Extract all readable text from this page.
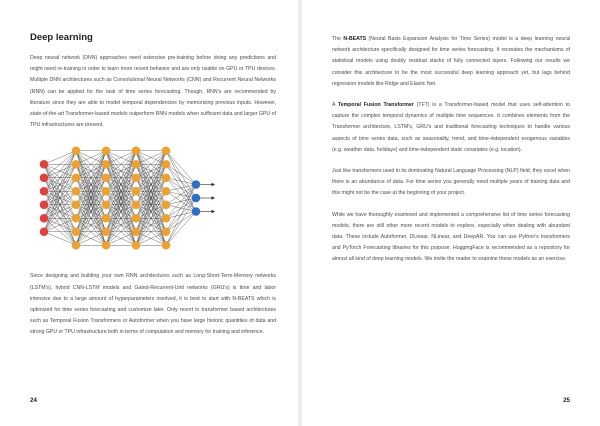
Deep learning

Deep neural network (DNN) approaches need extensive pre-training before doing any predictions and might need re-training in order to learn more recent behavior and are only usable on GPU or TPU devices. Multiple DNN architectures such as Convolutional Neural Networks (CNN) and Recurrent Neural Networks (RNN) can be applied for the task of time series forecasting. Though, RNN's are recommended by literature since they are able to model temporal dependencies by memorizing previous inputs. However, state-of-the-art Transformer-based models outperform RNN models when sufficient data and larger GPU of TPU infrastructures are present.

Since designing and building your own RNN architectures such as Long-Short-Term-Memory networks (LSTM's), hybrid CNN-LSTM models and Gated-Recurrent-Unit networks (GRU's) is time and labor intensive due to a large amount of hyperparameters involved, it is best to start with N-BEATS which is optimized for time series forecasting and customize later. Only resort to transformer based architectures such as Temporal Fusion Transformers or Autoformer when you have large historic quantities of data and strong GPU or TPU infrastructure both in terms of computation and memory for training and inference.

24

The N-BEATS (Neural Basis Expansion Analysis for Time Series) model is a deep learning neural network architecture specifically designed for time series forecasting. It recreates the mechanisms of statistical models using doubly residual stacks of fully connected layers. Following our results we consider this architecture to be the most successful deep learning approach yet, but lags behind regression models like Ridge and Elastic Net.

A Temporal Fusion Transformer (TFT) is a Transformer-based model that uses self-attention to capture the complex temporal dynamics of multiple time sequences. It combines elements from the Transformer architecture, LSTM's, GRU's and traditional forecasting techniques to handle various aspects of time series data, such as seasonality, trend, and time-independent exogenous variables (e.g. weather data, holidays) and time-independent static covariates (e.g. location).

Just like transformers used in its dominating Natural Language Processing (NLP) field, they excel when there is an abundance of data. For time series you generally need multiple years of training data and this might not be the case at the beginning of your project.

While we have thoroughly examined and implemented a comprehensive list of time series forecasting models, there are still other more recent models to explore, especially when dealing with abundant data. These include Autoformer, DLinear, NLinear, and DeepAR. You can use Python's transformers and PyTorch Forecasting libraries for this purpose. HuggingFace is recommended as a repository for almost all kind of deep learning models. We invite the reader to examine these models as an exercise.

25
